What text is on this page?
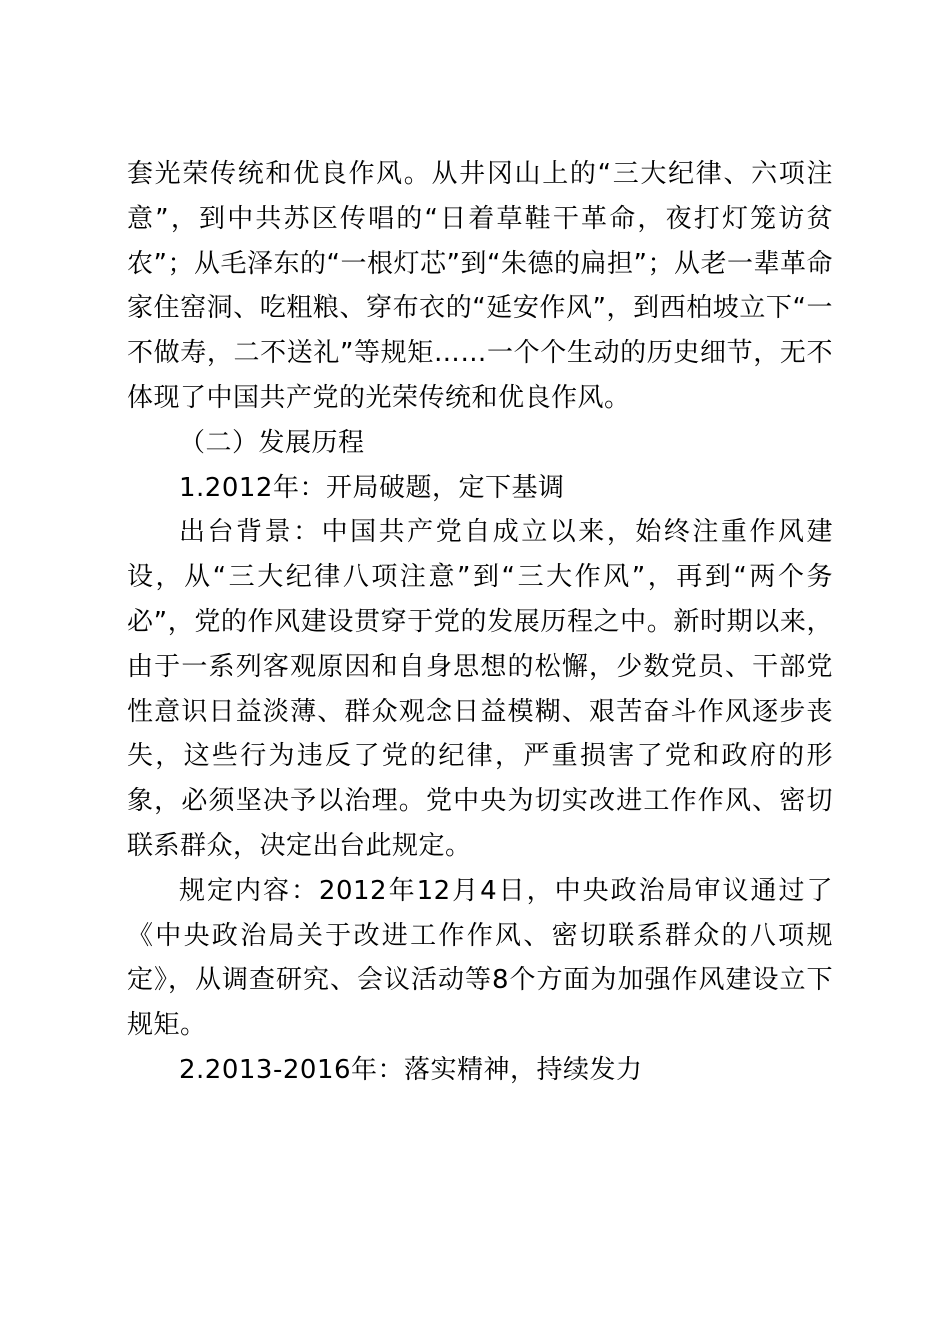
套光荣传统和优良作风。从井冈山上的“三大纪律、六项注意”，到中共苏区传唱的“日着草鞋干革命，夜打灯笼访贫农”；从毛泽东的“一根灯芯”到“朱德的扁担”；从老一辈革命家住窑洞、吃粗粮、穿布衣的“延安作风”，到西柏坡立下“一不做寿，二不送礼”等规矩……一个个生动的历史细节，无不体现了中国共产党的光荣传统和优良作风。

（二）发展历程

1.2012年：开局破题，定下基调

出台背景：中国共产党自成立以来，始终注重作风建设，从“三大纪律八项注意”到“三大作风”，再到“两个务必”，党的作风建设贯穿于党的发展历程之中。新时期以来，由于一系列客观原因和自身思想的松懈，少数党员、干部党性意识日益淡薄、群众观念日益模糊、艰苦奋斗作风逐步丧失，这些行为违反了党的纪律，严重损害了党和政府的形象，必须坚决予以治理。党中央为切实改进工作作风、密切联系群众，决定出台此规定。

规定内容：2012年12月4日，中央政治局审议通过了《中央政治局关于改进工作作风、密切联系群众的八项规定》，从调查研究、会议活动等8个方面为加强作风建设立下规矩。

2.2013-2016年：落实精神，持续发力
